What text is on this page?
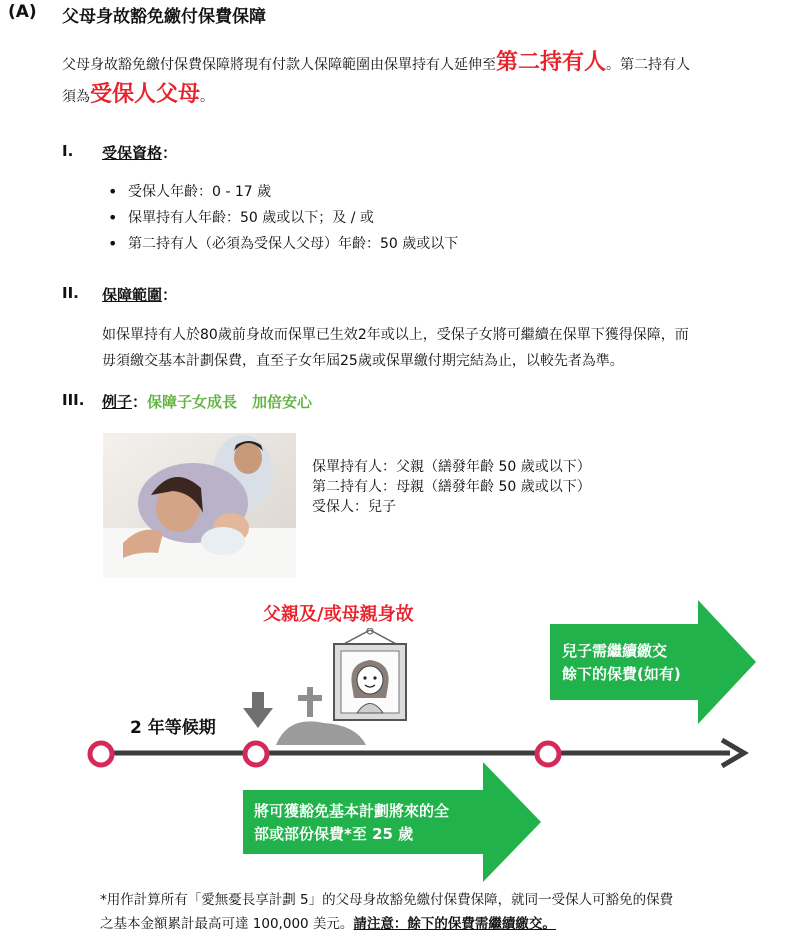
(A) 父母身故豁免繳付保費保障
父母身故豁免繳付保費保障將現有付款人保障範圍由保單持有人延伸至第二持有人。第二持有人
須為受保人父母。
I. 受保資格：
• 受保人年齡：0 - 17 歲
• 保單持有人年齡：50 歲或以下；及 / 或
• 第二持有人（必須為受保人父母）年齡：50 歲或以下
II. 保障範圍：
如保單持有人於80歲前身故而保單已生效2年或以上，受保子女將可繼續在保單下獲得保障，而
毋須繳交基本計劃保費，直至子女年屆25歲或保單繳付期完結為止，以較先者為準。
III. 例子：保障子女成長　加倍安心
保單持有人：父親（繕發年齡 50 歲或以下）
第二持有人：母親（繕發年齡 50 歲或以下）
受保人：兒子
父親及/或母親身故
2 年等候期
兒子需繼續繳交
餘下的保費(如有)
將可獲豁免基本計劃將來的全
部或部份保費*至 25 歲
*用作計算所有「愛無憂長享計劃 5」的父母身故豁免繳付保費保障，就同一受保人可豁免的保費
之基本金額累計最高可達 100,000 美元。請注意：餘下的保費需繼續繳交。
